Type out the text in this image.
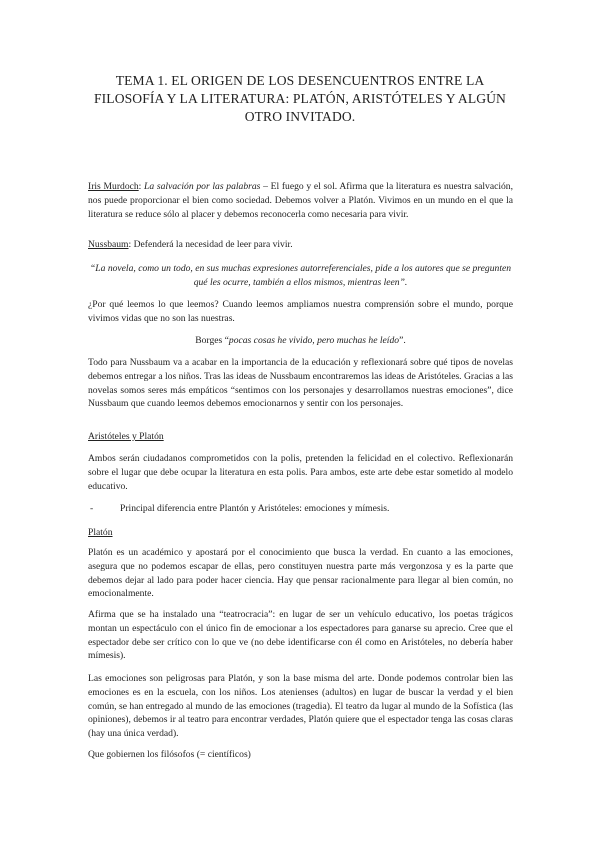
TEMA 1. EL ORIGEN DE LOS DESENCUENTROS ENTRE LA
FILOSOFÍA Y LA LITERATURA: PLATÓN, ARISTÓTELES Y ALGÚN
OTRO INVITADO.
Iris Murdoch: La salvación por las palabras – El fuego y el sol. Afirma que la literatura es nuestra salvación, nos puede proporcionar el bien como sociedad. Debemos volver a Platón. Vivimos en un mundo en el que la literatura se reduce sólo al placer y debemos reconocerla como necesaria para vivir.
Nussbaum: Defenderá la necesidad de leer para vivir.
“La novela, como un todo, en sus muchas expresiones autorreferenciales, pide a los autores que se pregunten qué les ocurre, también a ellos mismos, mientras leen”.
¿Por qué leemos lo que leemos? Cuando leemos ampliamos nuestra comprensión sobre el mundo, porque vivimos vidas que no son las nuestras.
Borges “pocas cosas he vivido, pero muchas he leído”.
Todo para Nussbaum va a acabar en la importancia de la educación y reflexionará sobre qué tipos de novelas debemos entregar a los niños. Tras las ideas de Nussbaum encontraremos las ideas de Aristóteles. Gracias a las novelas somos seres más empáticos “sentimos con los personajes y desarrollamos nuestras emociones”, dice Nussbaum que cuando leemos debemos emocionarnos y sentir con los personajes.
Aristóteles y Platón
Ambos serán ciudadanos comprometidos con la polis, pretenden la felicidad en el colectivo. Reflexionarán sobre el lugar que debe ocupar la literatura en esta polis. Para ambos, este arte debe estar sometido al modelo educativo.
-	Principal diferencia entre Plantón y Aristóteles: emociones y mímesis.
Platón
Platón es un académico y apostará por el conocimiento que busca la verdad. En cuanto a las emociones, asegura que no podemos escapar de ellas, pero constituyen nuestra parte más vergonzosa y es la parte que debemos dejar al lado para poder hacer ciencia. Hay que pensar racionalmente para llegar al bien común, no emocionalmente.
Afirma que se ha instalado una “teatrocracia”: en lugar de ser un vehículo educativo, los poetas trágicos montan un espectáculo con el único fin de emocionar a los espectadores para ganarse su aprecio. Cree que el espectador debe ser crítico con lo que ve (no debe identificarse con él como en Aristóteles, no debería haber mímesis).
Las emociones son peligrosas para Platón, y son la base misma del arte. Donde podemos controlar bien las emociones es en la escuela, con los niños. Los atenienses (adultos) en lugar de buscar la verdad y el bien común, se han entregado al mundo de las emociones (tragedia). El teatro da lugar al mundo de la Sofística (las opiniones), debemos ir al teatro para encontrar verdades, Platón quiere que el espectador tenga las cosas claras (hay una única verdad).
Que gobiernen los filósofos (= científicos)
